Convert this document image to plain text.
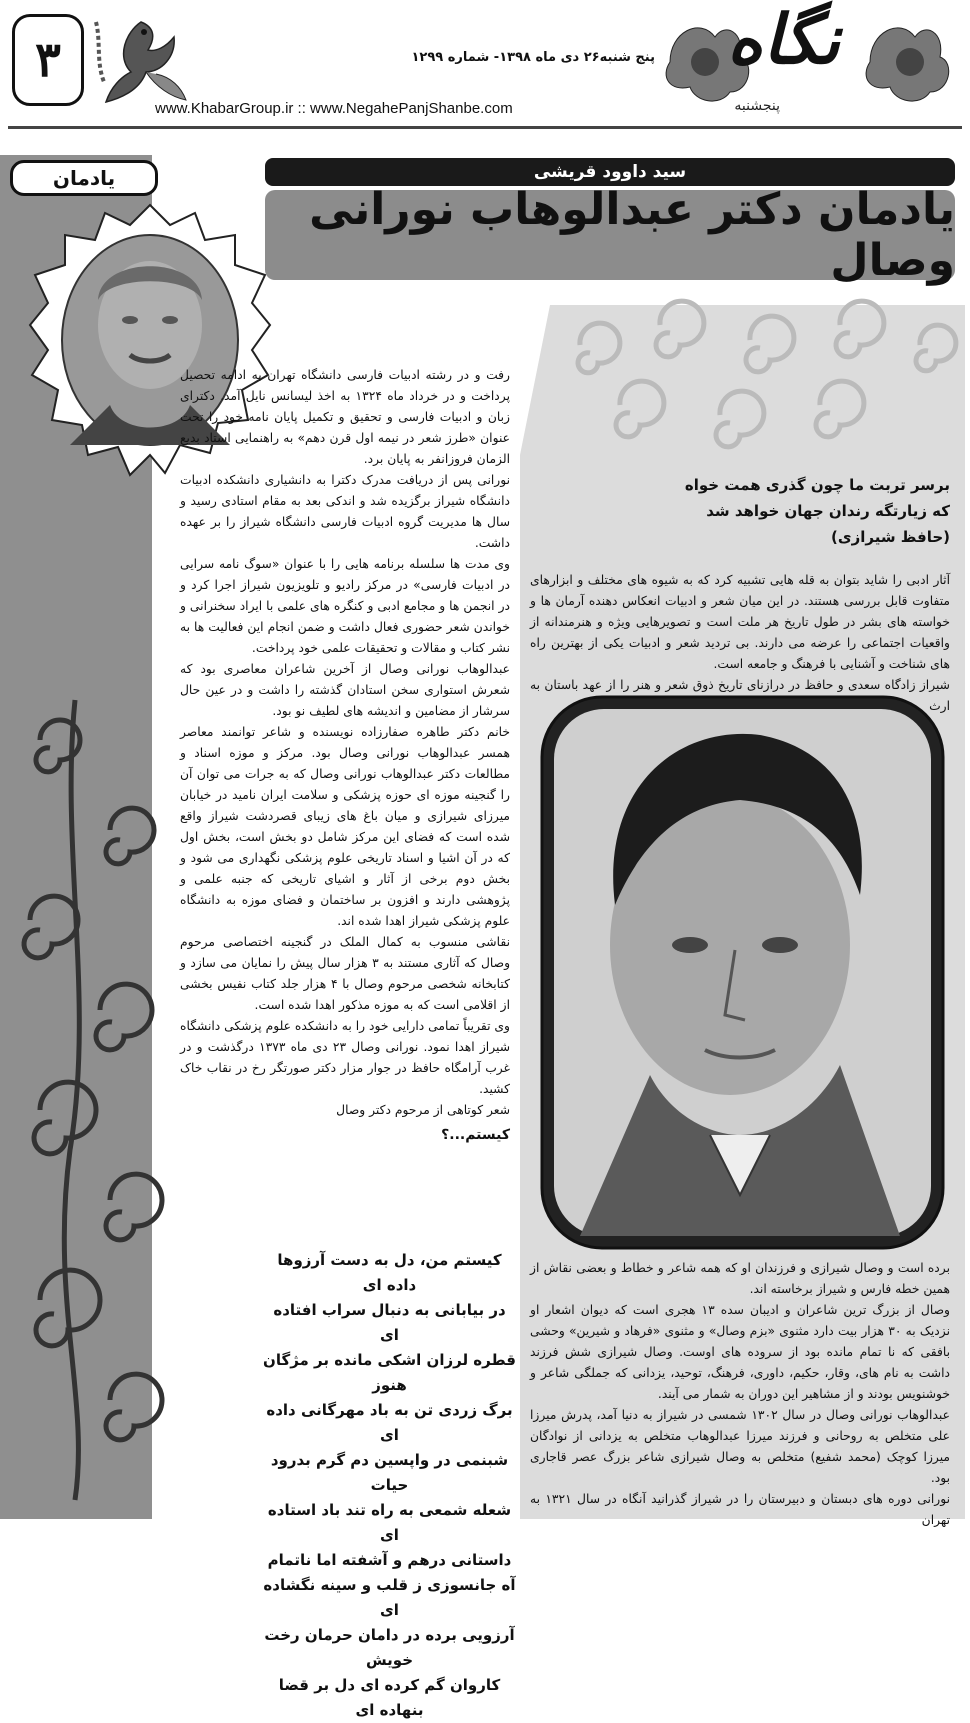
۳	نگاه
پنجشنبه
پنج شنبه۲۶ دی ماه ۱۳۹۸- شماره ۱۲۹۹
www.KhabarGroup.ir :: www.NegahePanjShanbe.com
یادمان	سید داوود قریشی
یادمان دکتر عبدالوهاب نورانی وصال
برسر تربت ما چون گذری همت خواه
که زیارتگه رندان جهان خواهد شد
(حافظ شیرازی)

آثار ادبی را شاید بتوان به قله هایی تشبیه کرد که به شیوه های مختلف و ابزارهای متفاوت قابل بررسی هستند. در این میان شعر و ادبیات انعکاس دهنده آرمان ها و خواسته های بشر در طول تاریخ هر ملت است و تصویرهایی ویژه و هنرمندانه از واقعیات اجتماعی را عرضه می دارند. بی تردید شعر و ادبیات یکی از بهترین راه های شناخت و آشنایی با فرهنگ و جامعه است.

شیراز زادگاه سعدی و حافظ در درازنای تاریخ ذوق شعر و هنر را از عهد باستان به ارث

برده است و وصال شیرازی و فرزندان او که همه شاعر و خطاط و بعضی نقاش از همین خطه فارس و شیراز برخاسته اند.

وصال از بزرگ ترین شاعران و ادیبان سده ۱۳ هجری است که دیوان اشعار او نزدیک به ۳۰ هزار بیت دارد مثنوی «بزم وصال» و مثنوی «فرهاد و شیرین» وحشی بافقی که نا تمام مانده بود از سروده های اوست. وصال شیرازی شش فرزند داشت به نام های، وقار، حکیم، داوری، فرهنگ، توحید، یزدانی که جملگی شاعر و خوشنویس بودند و از مشاهیر این دوران به شمار می آیند.

عبدالوهاب نورانی وصال در سال ۱۳۰۲ شمسی در شیراز به دنیا آمد، پدرش میرزا علی متخلص به روحانی و فرزند میرزا عبدالوهاب متخلص به یزدانی از نوادگان میرزا کوچک (محمد شفیع) متخلص به وصال شیرازی شاعر بزرگ عصر قاجاری بود.

نورانی دوره های دبستان و دبیرستان را در شیراز گذرانید آنگاه در سال ۱۳۲۱ به تهران

رفت و در رشته ادبیات فارسی دانشگاه تهران به ادامه تحصیل پرداخت و در خرداد ماه ۱۳۲۴ به اخذ لیسانس نایل آمد. دکترای زبان و ادبیات فارسی و تحقیق و تکمیل پایان نامه خود را تحت عنوان «طرز شعر در نیمه اول قرن دهم» به راهنمایی استاد بدیع الزمان فروزانفر به پایان برد.

نورانی پس از دریافت مدرک دکترا به دانشیاری دانشکده ادبیات دانشگاه شیراز برگزیده شد و اندکی بعد به مقام استادی رسید و سال ها مدیریت گروه ادبیات فارسی دانشگاه شیراز را بر عهده داشت.

وی مدت ها سلسله برنامه هایی را با عنوان «سوگ نامه سرایی در ادبیات فارسی» در مرکز رادیو و تلویزیون شیراز اجرا کرد و در انجمن ها و مجامع ادبی و کنگره های علمی با ایراد سخنرانی و خواندن شعر حضوری فعال داشت و ضمن انجام این فعالیت ها به نشر کتاب و مقالات و تحقیقات علمی خود پرداخت.

عبدالوهاب نورانی وصال از آخرین شاعران معاصری بود که شعرش استواری سخن استادان گذشته را داشت و در عین حال سرشار از مضامین و اندیشه های لطیف نو بود.

خانم دکتر طاهره صفارزاده نویسنده و شاعر توانمند معاصر همسر عبدالوهاب نورانی وصال بود. مرکز و موزه اسناد و مطالعات دکتر عبدالوهاب نورانی وصال که به جرات می توان آن را گنجینه موزه ای حوزه پزشکی و سلامت ایران نامید در خیابان میرزای شیرازی و میان باغ های زیبای قصردشت شیراز واقع شده است که فضای این مرکز شامل دو بخش است، بخش اول که در آن اشیا و اسناد تاریخی علوم پزشکی نگهداری می شود و بخش دوم برخی از آثار و اشیای تاریخی که جنبه علمی و پژوهشی دارند و افزون بر ساختمان و فضای موزه به دانشگاه علوم پزشکی شیراز اهدا شده اند.

نقاشی منسوب به کمال الملک در گنجینه اختصاصی مرحوم وصال که آثاری مستند به ۳ هزار سال پیش را نمایان می سازد و کتابخانه شخصی مرحوم وصال با ۴ هزار جلد کتاب نفیس بخشی از اقلامی است که به موزه مذکور اهدا شده است.

وی تقریباً تمامی دارایی خود را به دانشکده علوم پزشکی دانشگاه شیراز اهدا نمود. نورانی وصال ۲۳ دی ماه ۱۳۷۳ درگذشت و در غرب آرامگاه حافظ در جوار مزار دکتر صورتگر رخ در نقاب خاک کشید.

شعر کوتاهی از مرحوم دکتر وصال

کیستم...؟
کیستم من، دل به دست آرزوها داده ای
در بیابانی به دنبال سراب افتاده ای
قطره لرزان اشکی مانده بر مژگان هنوز
برگ زردی تن به باد مهرگانی داده ای
شبنمی در واپسین دم گرم بدرود حیات
شعله شمعی به راه تند باد استاده ای
داستانی درهم و آشفته اما ناتمام
آه جانسوزی ز قلب و سینه نگشاده ای
آرزویی برده در دامان حرمان رخت خویش
کاروان گم کرده ای دل بر قضا بنهاده ای
